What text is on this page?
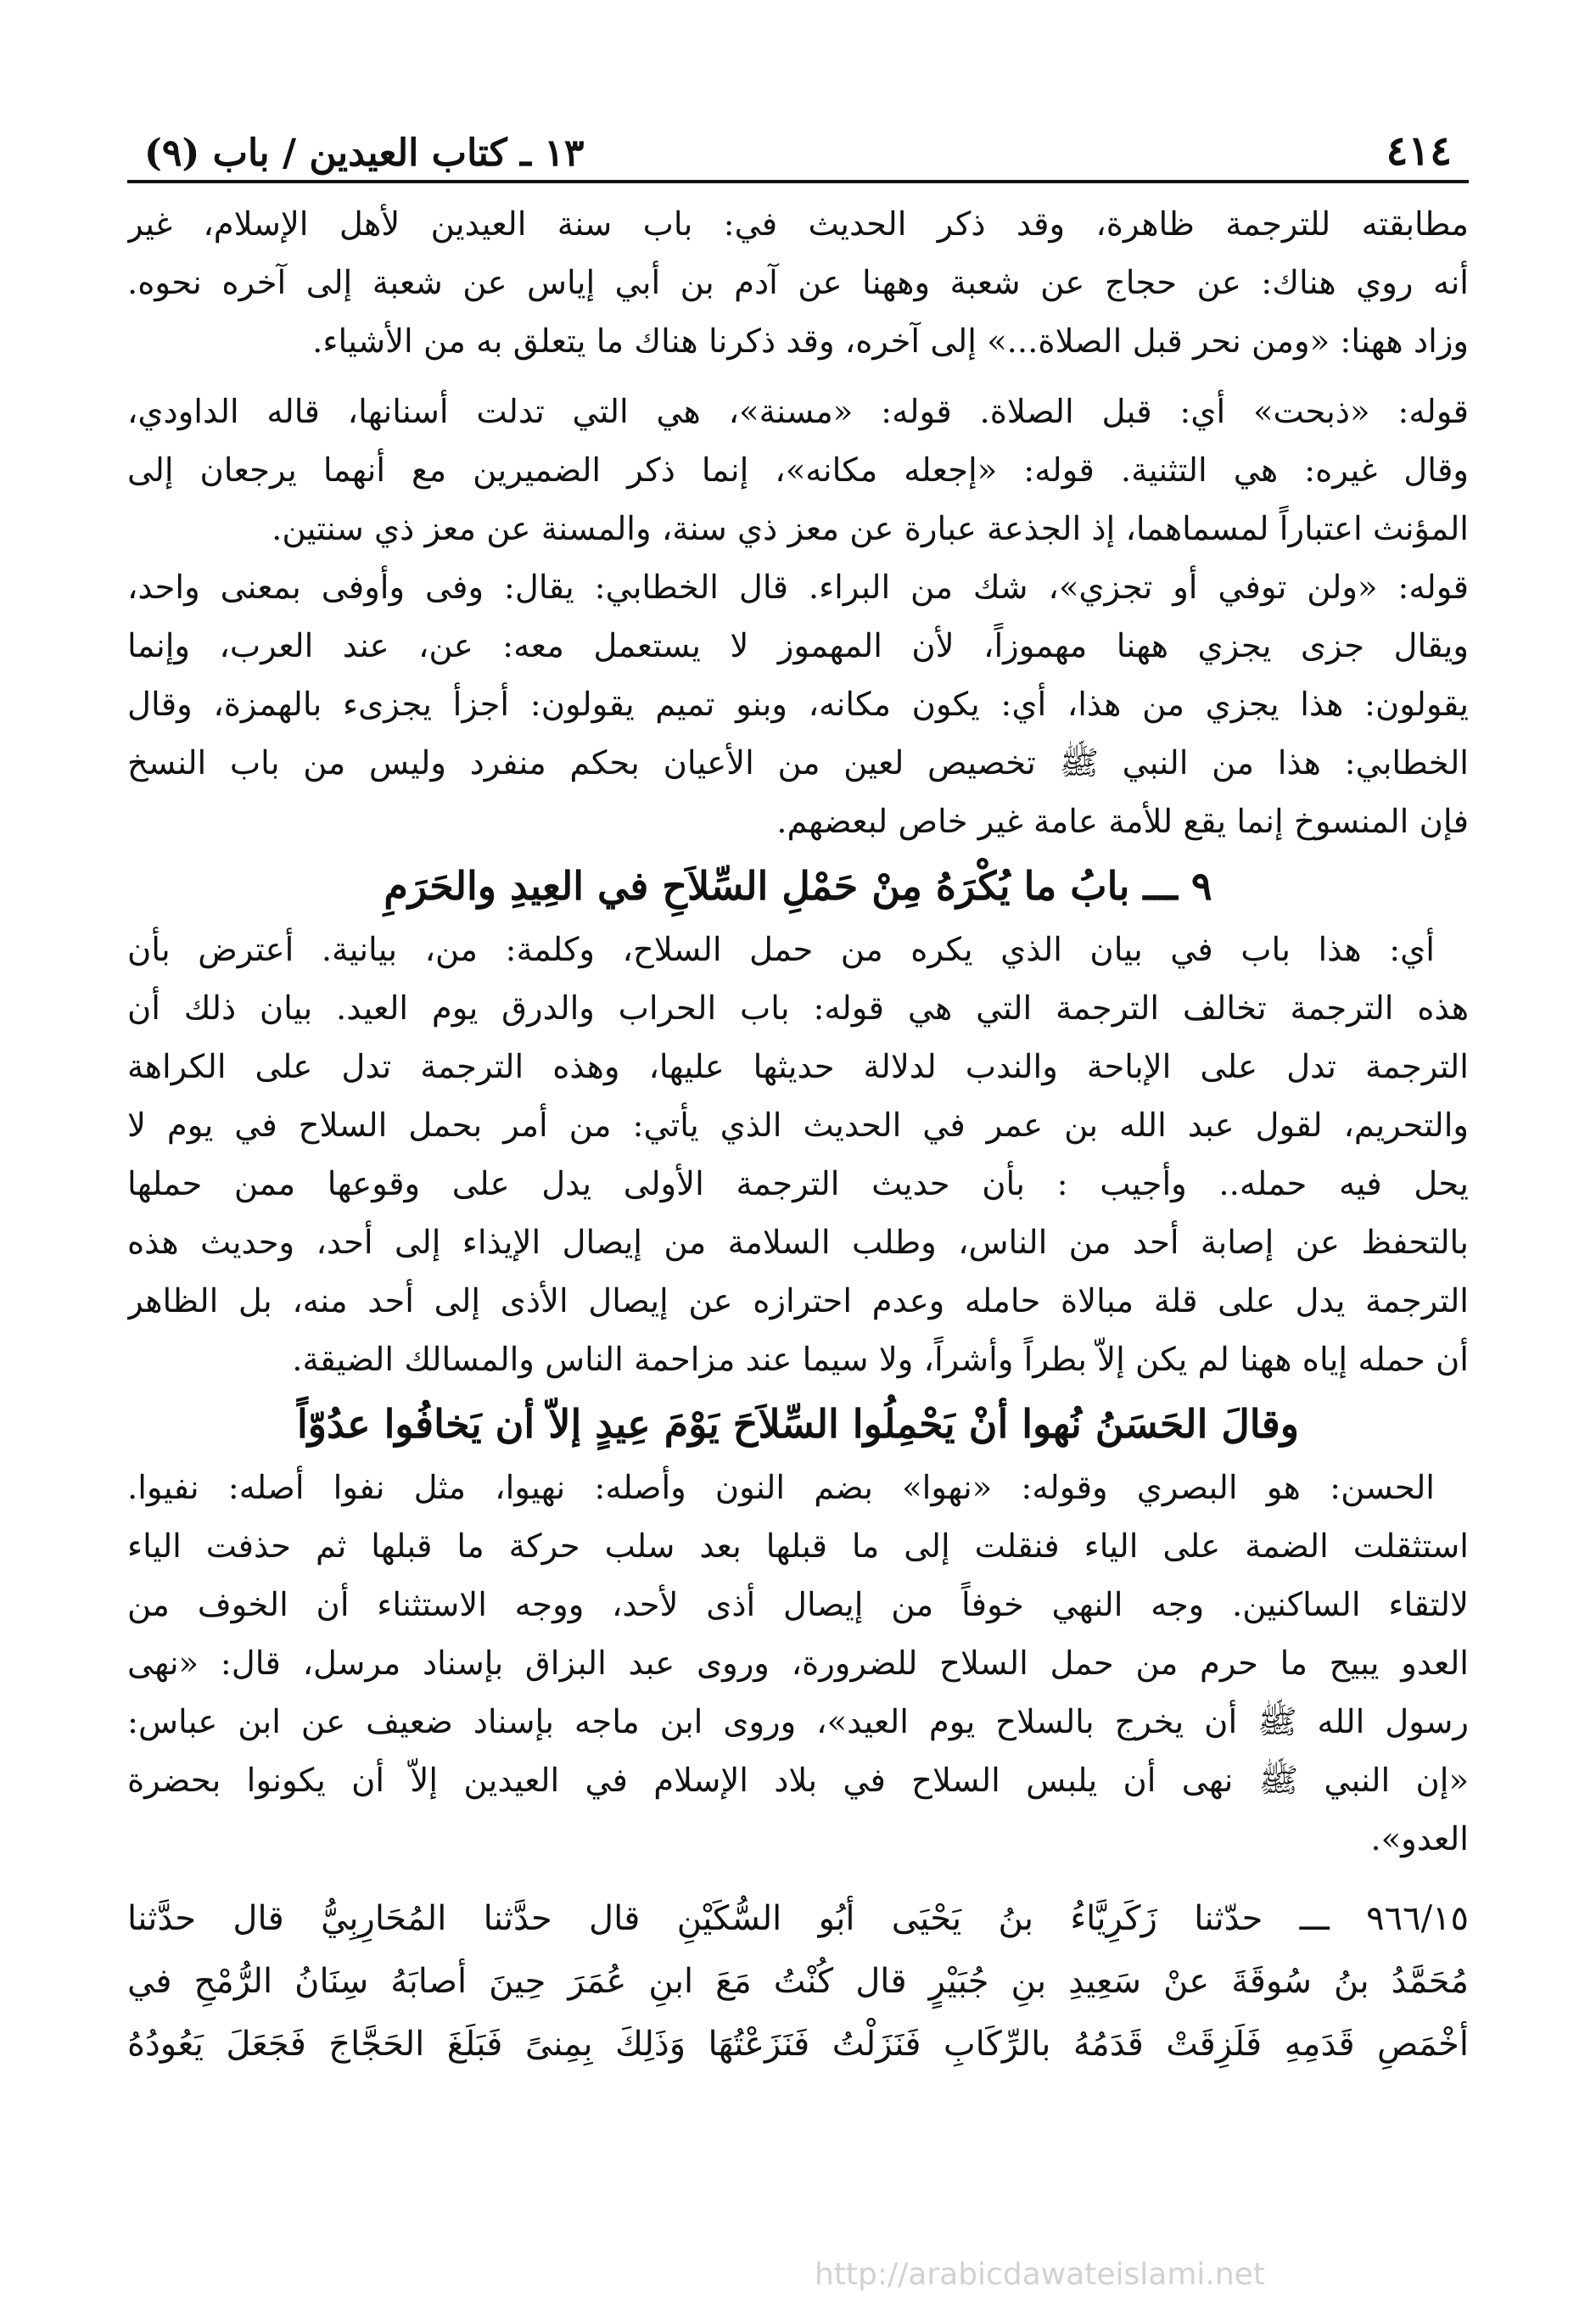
٤١٤
١٣ ـ كتاب العيدين / باب (٩)
مطابقته للترجمة ظاهرة، وقد ذكر الحديث في: باب سنة العيدين لأهل الإسلام، غير
أنه روي هناك: عن حجاج عن شعبة وههنا عن آدم بن أبي إياس عن شعبة إلى آخره نحوه.
وزاد ههنا: «ومن نحر قبل الصلاة...» إلى آخره، وقد ذكرنا هناك ما يتعلق به من الأشياء.
قوله: «ذبحت» أي: قبل الصلاة. قوله: «مسنة»، هي التي تدلت أسنانها، قاله الداودي،
وقال غيره: هي التثنية. قوله: «إجعله مكانه»، إنما ذكر الضميرين مع أنهما يرجعان إلى
المؤنث اعتباراً لمسماهما، إذ الجذعة عبارة عن معز ذي سنة، والمسنة عن معز ذي سنتين.
قوله: «ولن توفي أو تجزي»، شك من البراء. قال الخطابي: يقال: وفى وأوفى بمعنى واحد،
ويقال جزى يجزي ههنا مهموزاً، لأن المهموز لا يستعمل معه: عن، عند العرب، وإنما
يقولون: هذا يجزي من هذا، أي: يكون مكانه، وبنو تميم يقولون: أجزأ يجزىء بالهمزة، وقال
الخطابي: هذا من النبي ﷺ تخصيص لعين من الأعيان بحكم منفرد وليس من باب النسخ
فإن المنسوخ إنما يقع للأمة عامة غير خاص لبعضهم.
٩ ـــ بابُ ما يُكْرَهُ مِنْ حَمْلِ السِّلاَحِ في العِيدِ والحَرَمِ
أي: هذا باب في بيان الذي يكره من حمل السلاح، وكلمة: من، بيانية. أعترض بأن
هذه الترجمة تخالف الترجمة التي هي قوله: باب الحراب والدرق يوم العيد. بيان ذلك أن
الترجمة تدل على الإباحة والندب لدلالة حديثها عليها، وهذه الترجمة تدل على الكراهة
والتحريم، لقول عبد الله بن عمر في الحديث الذي يأتي: من أمر بحمل السلاح في يوم لا
يحل فيه حمله.. وأجيب : بأن حديث الترجمة الأولى يدل على وقوعها ممن حملها
بالتحفظ عن إصابة أحد من الناس، وطلب السلامة من إيصال الإيذاء إلى أحد، وحديث هذه
الترجمة يدل على قلة مبالاة حامله وعدم احترازه عن إيصال الأذى إلى أحد منه، بل الظاهر
أن حمله إياه ههنا لم يكن إلاّ بطراً وأشراً، ولا سيما عند مزاحمة الناس والمسالك الضيقة.
وقالَ الحَسَنُ نُهوا أنْ يَحْمِلُوا السِّلاَحَ يَوْمَ عِيدٍ إلاّ أن يَخافُوا عدُوّاً
الحسن: هو البصري وقوله: «نهوا» بضم النون وأصله: نهيوا، مثل نفوا أصله: نفيوا.
استثقلت الضمة على الياء فنقلت إلى ما قبلها بعد سلب حركة ما قبلها ثم حذفت الياء
لالتقاء الساكنين. وجه النهي خوفاً من إيصال أذى لأحد، ووجه الاستثناء أن الخوف من
العدو يبيح ما حرم من حمل السلاح للضرورة، وروى عبد البزاق بإسناد مرسل، قال: «نهى
رسول الله ﷺ أن يخرج بالسلاح يوم العيد»، وروى ابن ماجه بإسناد ضعيف عن ابن عباس:
«إن النبي ﷺ نهى أن يلبس السلاح في بلاد الإسلام في العيدين إلاّ أن يكونوا بحضرة
العدو».
٩٦٦/١٥ ـــ حدّثنا زَكَرِيَّاءُ بنُ يَحْيَى أبُو السُّكَيْنِ قال حدَّثنا المُحَارِبِيُّ قال حدَّثنا
مُحَمَّدُ بنُ سُوقَةَ عنْ سَعِيدِ بنِ جُبَيْرٍ قال كُنْتُ مَعَ ابنِ عُمَرَ حِينَ أصابَهُ سِنَانُ الرُّمْحِ في
أخْمَصِ قَدَمِهِ فَلَزِقَتْ قَدَمُهُ بالرِّكَابِ فَنَزَلْتُ فَنَزَعْتُهَا وَذَلِكَ بِمِنىً فَبَلَغَ الحَجَّاجَ فَجَعَلَ يَعُودُهُ
http://arabicdawateislami.net
